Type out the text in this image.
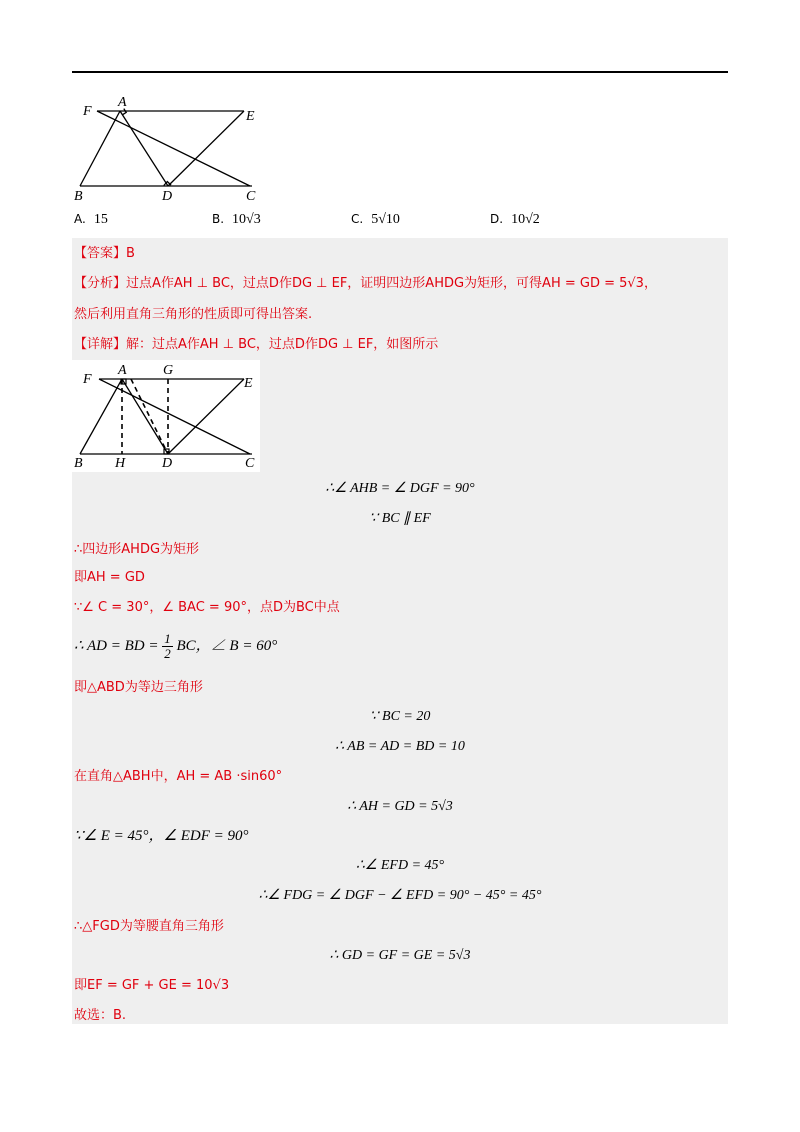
F
A
E
B	D	C
A. 15	B. 10√3	C. 5√10	D. 10√2
【答案】B
【分析】过点A作AH ⊥ BC，过点D作DG ⊥ EF，证明四边形AHDG为矩形，可得AH = GD = 5√3，
然后利用直角三角形的性质即可得出答案.
【详解】解：过点A作AH ⊥ BC，过点D作DG ⊥ EF，如图所示
F
A	G
E
B H	D	C
∴∠ AHB = ∠ DGF = 90°
∵ BC ∥ EF
∴四边形AHDG为矩形
即AH = GD
∵∠ C = 30°，∠ BAC = 90°，点D为BC中点
∴ AD = BD = $\frac{1}{2}$ BC，∠ B = 60°
即△ABD为等边三角形
∵ BC = 20
∴ AB = AD = BD = 10
在直角△ABH中，AH = AB ·sin60°
∴ AH = GD = 5√3
∵∠ E = 45°，∠ EDF = 90°
∴∠ EFD = 45°
∴∠ FDG = ∠ DGF − ∠ EFD = 90° − 45° = 45°
∴△FGD为等腰直角三角形
∴ GD = GF = GE = 5√3
即EF = GF + GE = 10√3
故选：B.
